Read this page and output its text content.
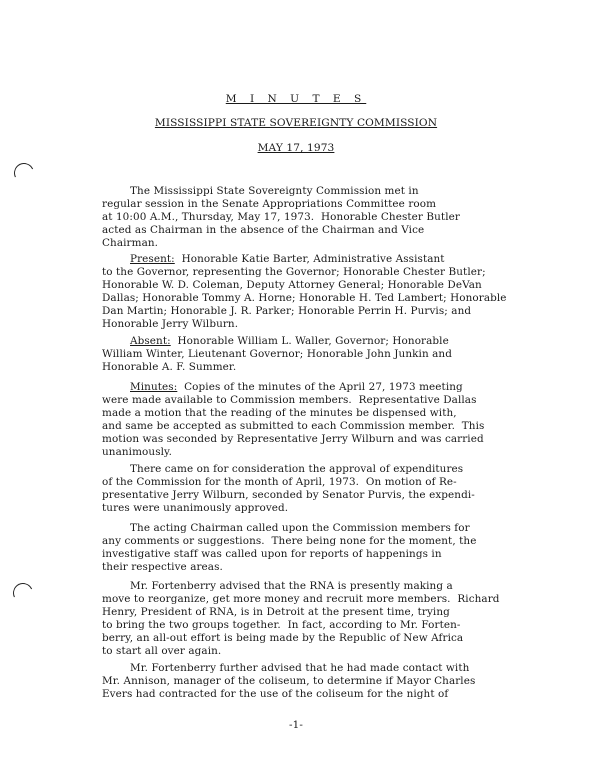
M I N U T E S
MISSISSIPPI STATE SOVEREIGNTY COMMISSION
MAY 17, 1973
The Mississippi State Sovereignty Commission met in
regular session in the Senate Appropriations Committee room
at 10:00 A.M., Thursday, May 17, 1973.  Honorable Chester Butler
acted as Chairman in the absence of the Chairman and Vice
Chairman.
Present:  Honorable Katie Barter, Administrative Assistant
to the Governor, representing the Governor; Honorable Chester Butler;
Honorable W. D. Coleman, Deputy Attorney General; Honorable DeVan
Dallas; Honorable Tommy A. Horne; Honorable H. Ted Lambert; Honorable
Dan Martin; Honorable J. R. Parker; Honorable Perrin H. Purvis; and
Honorable Jerry Wilburn.
Absent:  Honorable William L. Waller, Governor; Honorable
William Winter, Lieutenant Governor; Honorable John Junkin and
Honorable A. F. Summer.
Minutes:  Copies of the minutes of the April 27, 1973 meeting
were made available to Commission members.  Representative Dallas
made a motion that the reading of the minutes be dispensed with,
and same be accepted as submitted to each Commission member.  This
motion was seconded by Representative Jerry Wilburn and was carried
unanimously.
There came on for consideration the approval of expenditures
of the Commission for the month of April, 1973.  On motion of Re-
presentative Jerry Wilburn, seconded by Senator Purvis, the expendi-
tures were unanimously approved.
The acting Chairman called upon the Commission members for
any comments or suggestions.  There being none for the moment, the
investigative staff was called upon for reports of happenings in
their respective areas.
Mr. Fortenberry advised that the RNA is presently making a
move to reorganize, get more money and recruit more members.  Richard
Henry, President of RNA, is in Detroit at the present time, trying
to bring the two groups together.  In fact, according to Mr. Forten-
berry, an all-out effort is being made by the Republic of New Africa
to start all over again.
Mr. Fortenberry further advised that he had made contact with
Mr. Annison, manager of the coliseum, to determine if Mayor Charles
Evers had contracted for the use of the coliseum for the night of
-1-
